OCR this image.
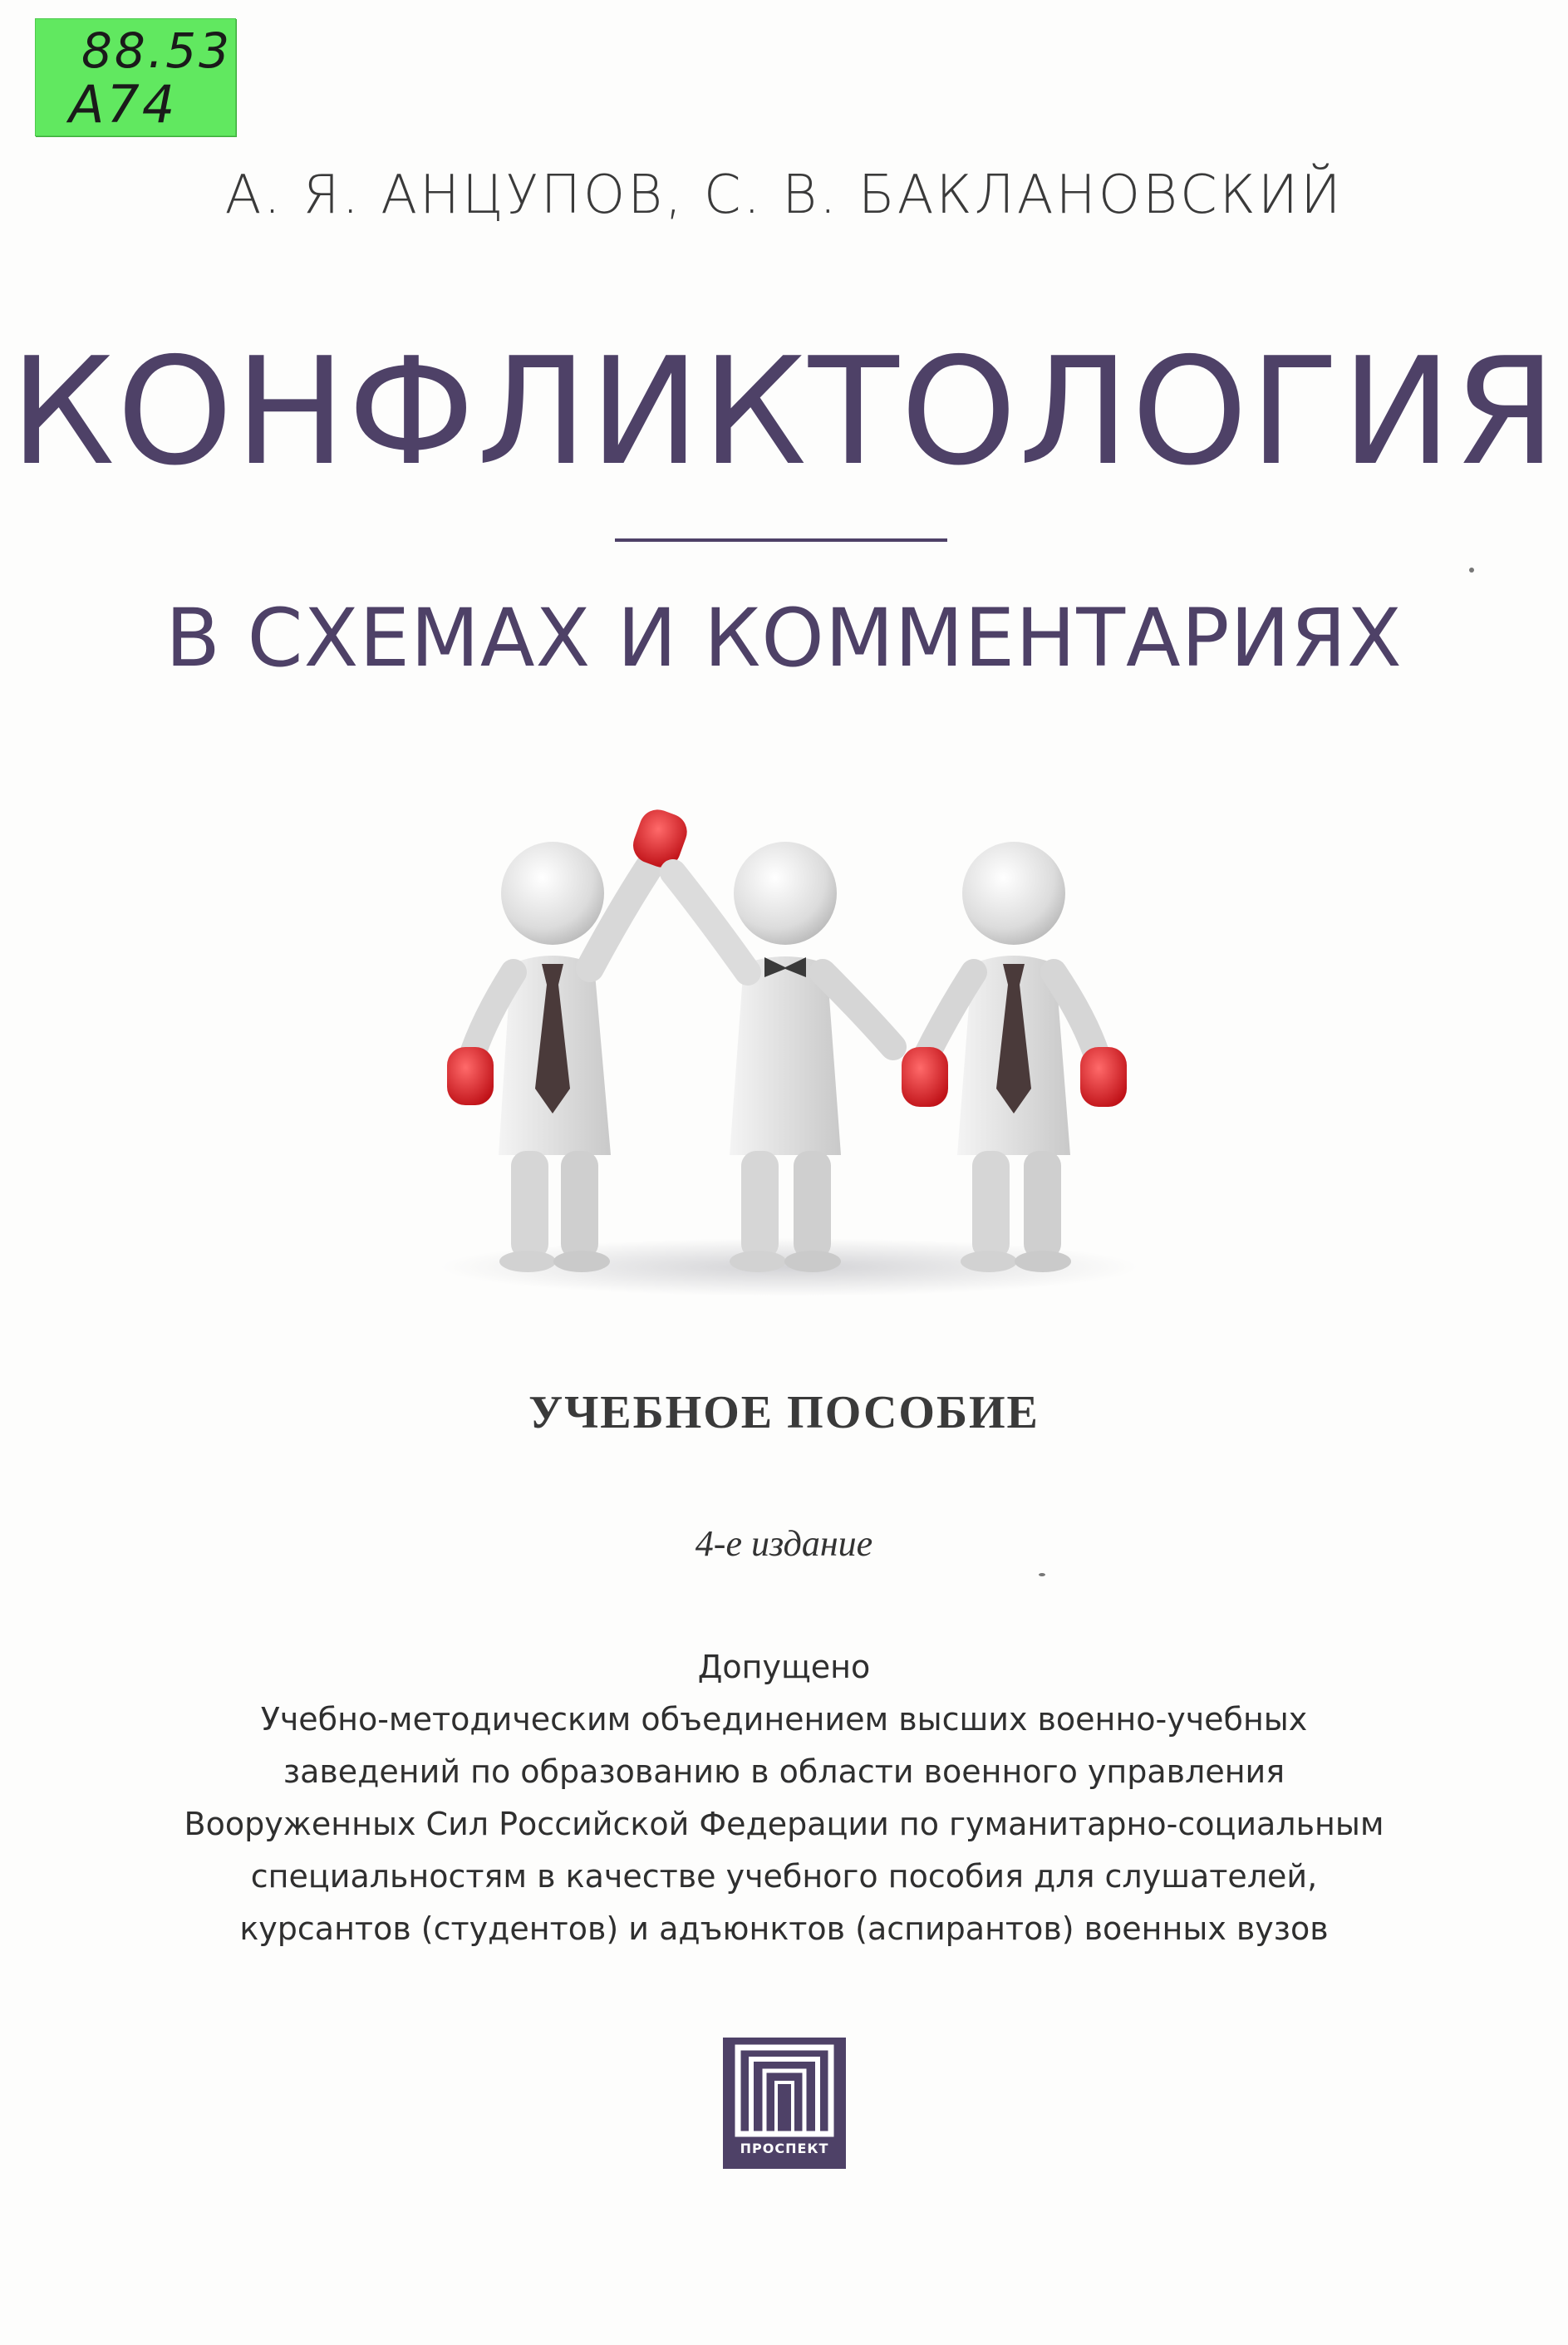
88.53
А74
А. Я. АНЦУПОВ, С. В. БАКЛАНОВСКИЙ
КОНФЛИКТОЛОГИЯ
В СХЕМАХ И КОММЕНТАРИЯХ
УЧЕБНОЕ ПОСОБИЕ
4-е издание
Допущено
Учебно-методическим объединением высших военно-учебных
заведений по образованию в области военного управления
Вооруженных Сил Российской Федерации по гуманитарно-социальным
специальностям в качестве учебного пособия для слушателей,
курсантов (студентов) и адъюнктов (аспирантов) военных вузов
ПРОСПЕКТ
